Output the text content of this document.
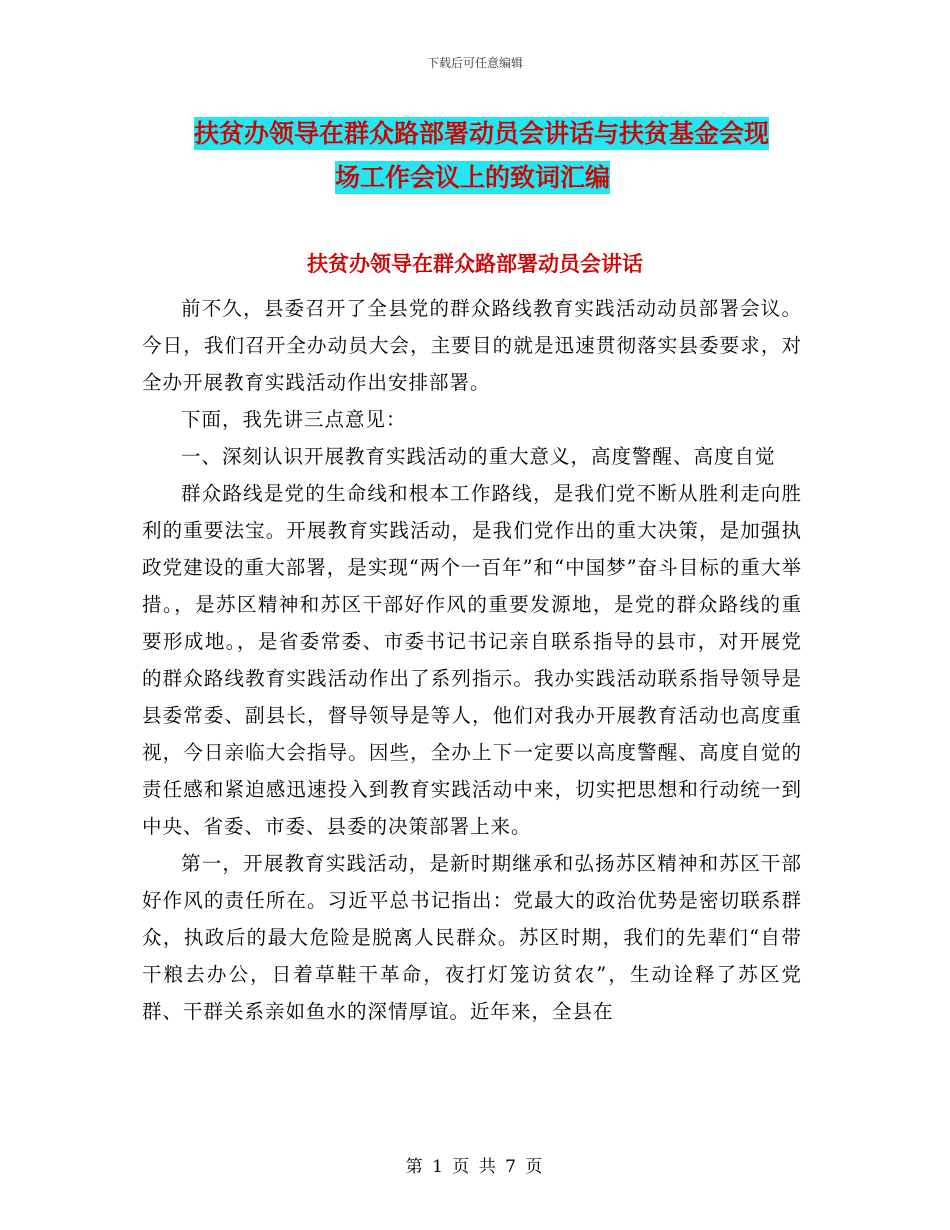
下载后可任意编辑
扶贫办领导在群众路部署动员会讲话与扶贫基金会现
场工作会议上的致词汇编
扶贫办领导在群众路部署动员会讲话

前不久，县委召开了全县党的群众路线教育实践活动动员部署会议。今日，我们召开全办动员大会，主要目的就是迅速贯彻落实县委要求，对全办开展教育实践活动作出安排部署。

下面，我先讲三点意见：

一、深刻认识开展教育实践活动的重大意义，高度警醒、高度自觉

群众路线是党的生命线和根本工作路线，是我们党不断从胜利走向胜利的重要法宝。开展教育实践活动，是我们党作出的重大决策，是加强执政党建设的重大部署，是实现“两个一百年”和“中国梦”奋斗目标的重大举措。，是苏区精神和苏区干部好作风的重要发源地，是党的群众路线的重要形成地。，是省委常委、市委书记书记亲自联系指导的县市，对开展党的群众路线教育实践活动作出了系列指示。我办实践活动联系指导领导是县委常委、副县长，督导领导是等人，他们对我办开展教育活动也高度重视，今日亲临大会指导。因些，全办上下一定要以高度警醒、高度自觉的责任感和紧迫感迅速投入到教育实践活动中来，切实把思想和行动统一到中央、省委、市委、县委的决策部署上来。

第一，开展教育实践活动，是新时期继承和弘扬苏区精神和苏区干部好作风的责任所在。习近平总书记指出：党最大的政治优势是密切联系群众，执政后的最大危险是脱离人民群众。苏区时期，我们的先辈们“自带干粮去办公，日着草鞋干革命，夜打灯笼访贫农”，生动诠释了苏区党群、干群关系亲如鱼水的深情厚谊。近年来，全县在

第 1 页 共 7 页
